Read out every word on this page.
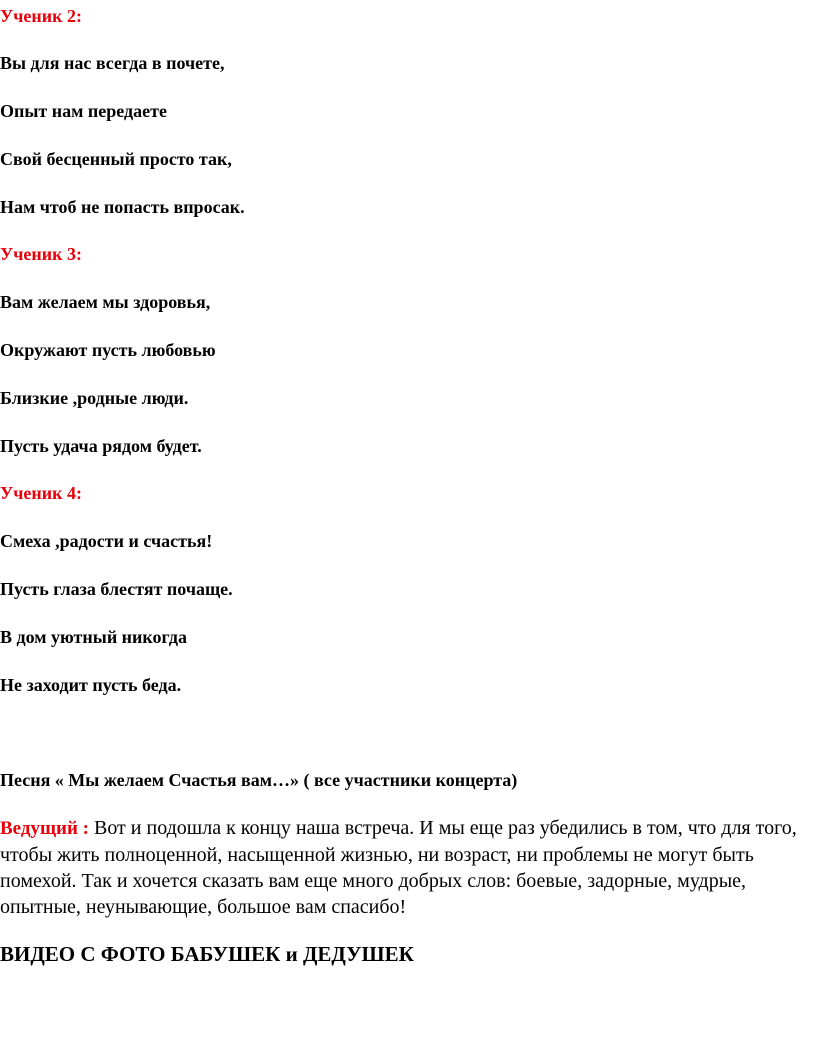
Ученик 2:
Вы для нас всегда в почете,
Опыт нам передаете
Свой бесценный просто так,
Нам чтоб не попасть впросак.
Ученик 3:
Вам желаем мы здоровья,
Окружают пусть любовью
Близкие ,родные люди.
Пусть удача рядом будет.
Ученик 4:
Смеха ,радости и счастья!
Пусть глаза блестят почаще.
В дом уютный никогда
Не заходит пусть беда.
Песня « Мы желаем Счастья вам…» ( все участники концерта)
Ведущий : Вот и подошла к концу наша встреча. И мы еще раз убедились в том, что для того, чтобы жить полноценной, насыщенной жизнью, ни возраст, ни проблемы не могут быть помехой. Так и хочется сказать вам еще много добрых слов: боевые, задорные, мудрые, опытные, неунывающие, большое вам спасибо!
ВИДЕО С ФОТО БАБУШЕК и ДЕДУШЕК
